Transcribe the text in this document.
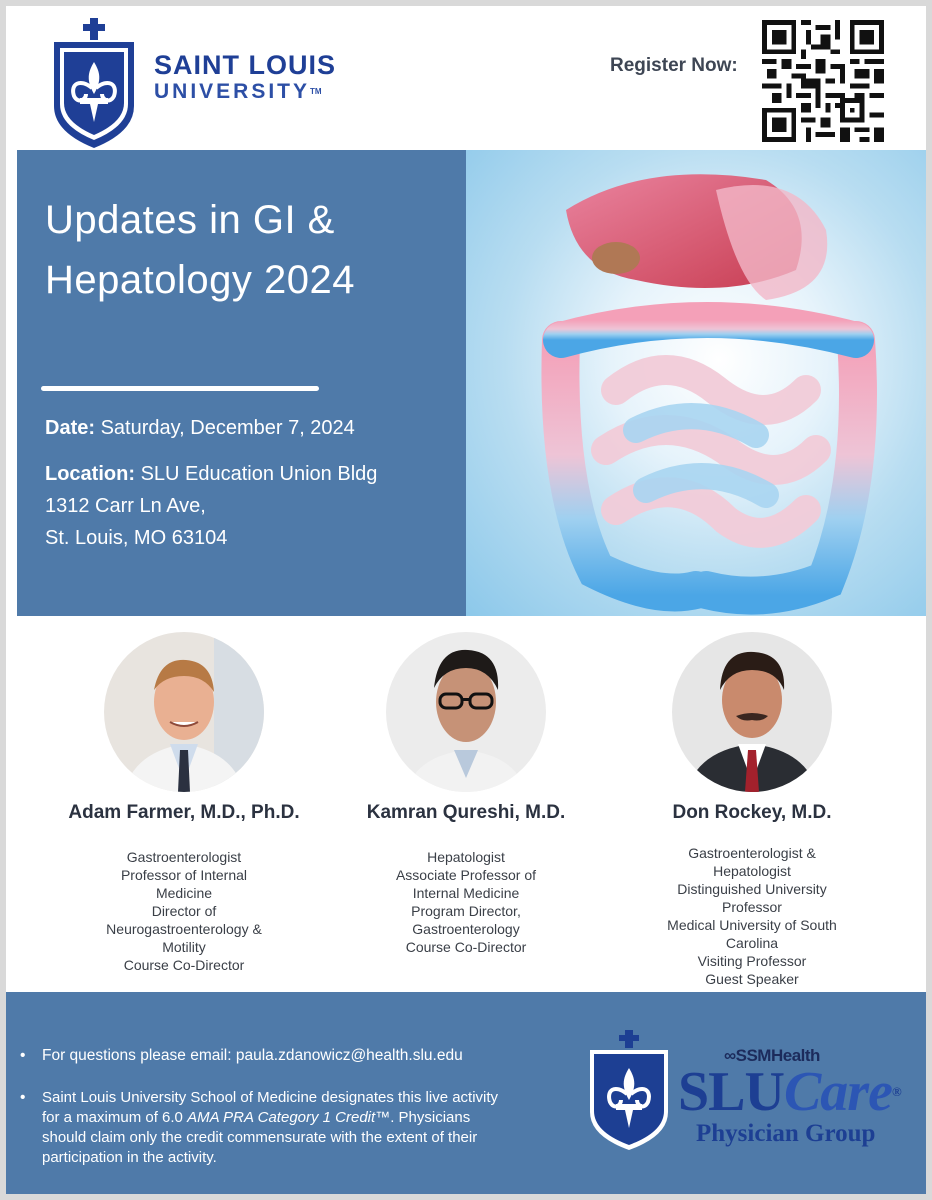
SAINT LOUIS
UNIVERSITYTM
Register Now:
Updates in GI &
Hepatology 2024
Date: Saturday, December 7, 2024
Location: SLU Education Union Bldg
1312 Carr Ln Ave,
St. Louis, MO 63104
Adam Farmer, M.D., Ph.D.
Gastroenterologist
Professor of Internal
Medicine
Director of
Neurogastroenterology &
Motility
Course Co-Director
Kamran Qureshi, M.D.
Hepatologist
Associate Professor of
Internal Medicine
Program Director,
Gastroenterology
Course Co-Director
Don Rockey, M.D.
Gastroenterologist &
Hepatologist
Distinguished University
Professor
Medical University of South
Carolina
Visiting Professor
Guest Speaker
• For questions please email: paula.zdanowicz@health.slu.edu
• Saint Louis University School of Medicine designates this live activity
for a maximum of 6.0 AMA PRA Category 1 Credit™. Physicians
should claim only the credit commensurate with the extent of their
participation in the activity.
∞SSMHealth
SLUCare®
Physician Group
